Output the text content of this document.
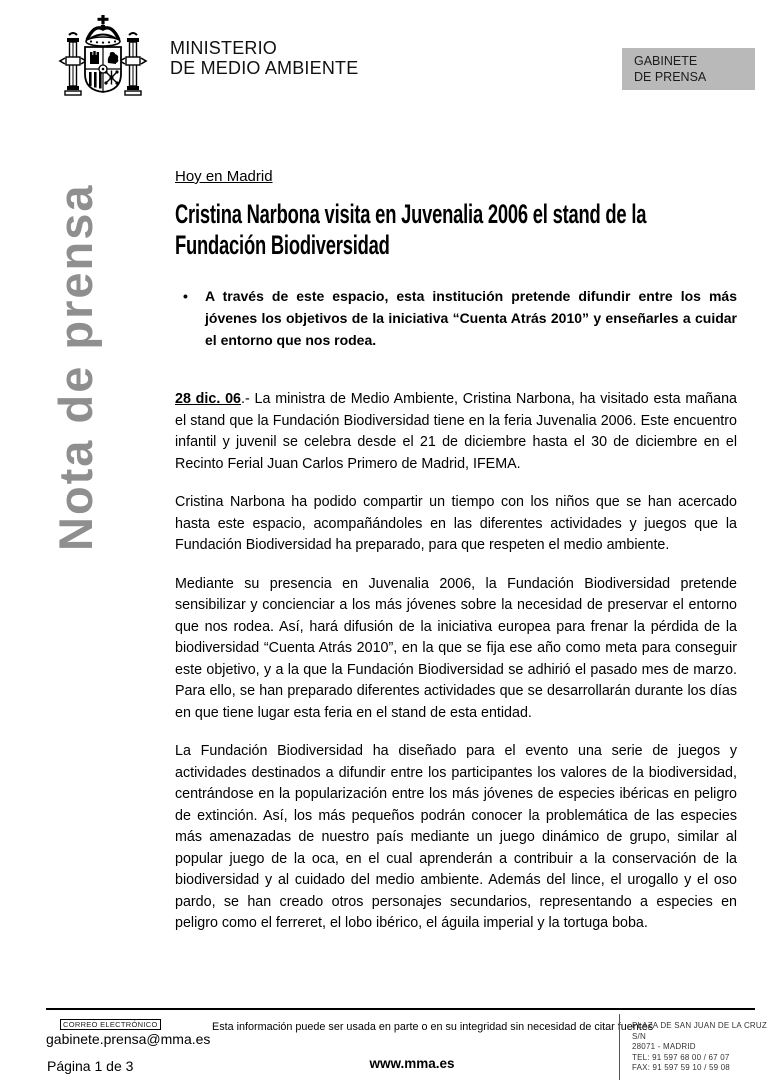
MINISTERIO
DE MEDIO AMBIENTE	GABINETE
DE PRENSA
Nota de prensa

Hoy en Madrid

Cristina Narbona visita en Juvenalia 2006 el stand de la
Fundación Biodiversidad
•	A través de este espacio, esta institución pretende difundir entre los más jóvenes los objetivos de la iniciativa “Cuenta Atrás 2010” y enseñarles a cuidar el entorno que nos rodea.

28 dic. 06.- La ministra de Medio Ambiente, Cristina Narbona, ha visitado esta mañana el stand que la Fundación Biodiversidad tiene en la feria Juvenalia 2006. Este encuentro infantil y juvenil se celebra desde el 21 de diciembre hasta el 30 de diciembre en el Recinto Ferial Juan Carlos Primero de Madrid, IFEMA.

Cristina Narbona ha podido compartir un tiempo con los niños que se han acercado hasta este espacio, acompañándoles en las diferentes actividades y juegos que la Fundación Biodiversidad ha preparado, para que respeten el medio ambiente.

Mediante su presencia en Juvenalia 2006, la Fundación Biodiversidad pretende sensibilizar y concienciar a los más jóvenes sobre la necesidad de preservar el entorno que nos rodea. Así, hará difusión de la iniciativa europea para frenar la pérdida de la biodiversidad “Cuenta Atrás 2010”, en la que se fija ese año como meta para conseguir este objetivo, y a la que la Fundación Biodiversidad se adhirió el pasado mes de marzo. Para ello, se han preparado diferentes actividades que se desarrollarán durante los días en que tiene lugar esta feria en el stand de esta entidad.

La Fundación Biodiversidad ha diseñado para el evento una serie de juegos y actividades destinados a difundir entre los participantes los valores de la biodiversidad, centrándose en la popularización entre los más jóvenes de especies ibéricas en peligro de extinción. Así, los más pequeños podrán conocer la problemática de las especies más amenazadas de nuestro país mediante un juego dinámico de grupo, similar al popular juego de la oca, en el cual aprenderán a contribuir a la conservación de la biodiversidad y al cuidado del medio ambiente. Además del lince, el urogallo y el oso pardo, se han creado otros personajes secundarios, representando a especies en peligro como el ferreret, el lobo ibérico, el águila imperial y la tortuga boba.

CORREO ELECTRÓNICO
gabinete.prensa@mma.es
Página 1 de 3
Esta información puede ser usada en parte o en su integridad sin necesidad de citar fuentes
www.mma.es
PLAZA DE SAN JUAN DE LA CRUZ S/N
28071 - MADRID
TEL: 91 597 68 00 / 67 07
FAX: 91 597 59 10 / 59 08
